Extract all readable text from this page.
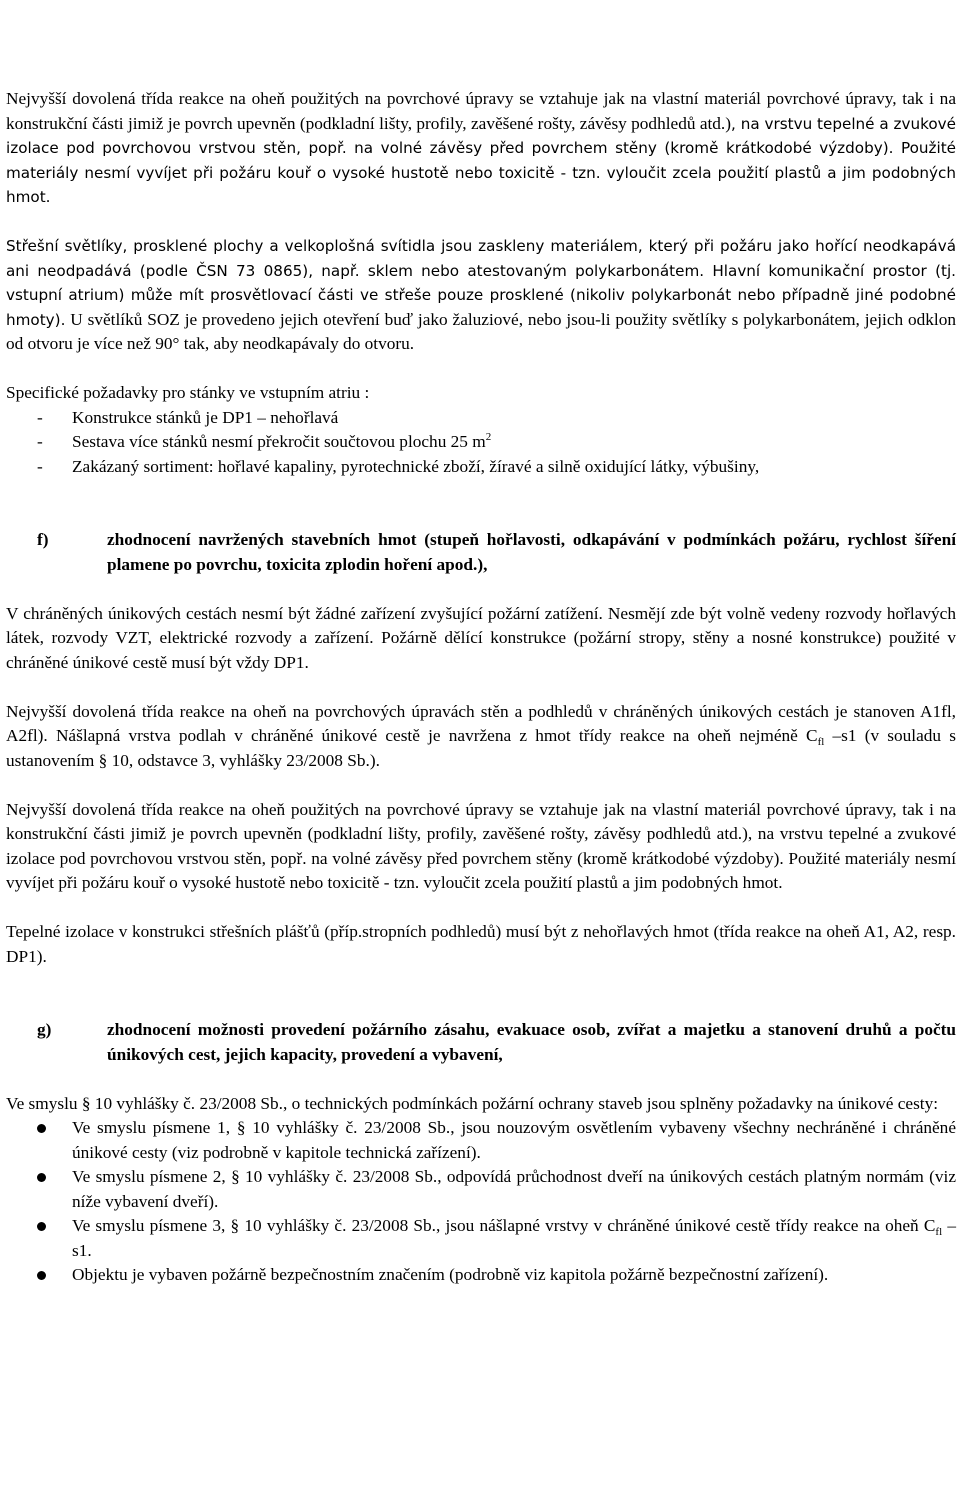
Nejvyšší dovolená třída reakce na oheň použitých na povrchové úpravy se vztahuje jak na vlastní materiál povrchové úpravy, tak i na konstrukční části jimiž je povrch upevněn (podkladní lišty, profily, zavěšené rošty, závěsy podhledů atd.), na vrstvu tepelné a zvukové izolace pod povrchovou vrstvou stěn, popř. na volné závěsy před povrchem stěny (kromě krátkodobé výzdoby). Použité materiály nesmí vyvíjet při požáru kouř o vysoké hustotě nebo toxicitě - tzn. vyloučit zcela použití plastů a jim podobných hmot.

Střešní světlíky, prosklené plochy a velkoplošná svítidla jsou zaskleny materiálem, který při požáru jako hořící neodkapává ani neodpadává (podle ČSN 73 0865), např. sklem nebo atestovaným polykarbonátem. Hlavní komunikační prostor (tj. vstupní atrium) může mít prosvětlovací části ve střeše pouze prosklené (nikoliv polykarbonát nebo případně jiné podobné hmoty). U světlíků SOZ je provedeno jejich otevření buď jako žaluziové, nebo jsou-li použity světlíky s polykarbonátem, jejich odklon od otvoru je více než 90° tak, aby neodkapávaly do otvoru.

Specifické požadavky pro stánky ve vstupním atriu :

- Konstrukce stánků je DP1 – nehořlavá
- Sestava více stánků nesmí překročit součtovou plochu 25 $m^2$
- Zakázaný sortiment: hořlavé kapaliny, pyrotechnické zboží, žíravé a silně oxidující látky, výbušiny,

f)	zhodnocení navržených stavebních hmot (stupeň hořlavosti, odkapávání v podmínkách požáru, rychlost šíření plamene po povrchu, toxicita zplodin hoření apod.),

V chráněných únikových cestách nesmí být žádné zařízení zvyšující požární zatížení. Nesmějí zde být volně vedeny rozvody hořlavých látek, rozvody VZT, elektrické rozvody a zařízení. Požárně dělící konstrukce (požární stropy, stěny a nosné konstrukce) použité v chráněné únikové cestě musí být vždy DP1.

Nejvyšší dovolená třída reakce na oheň na povrchových úpravách stěn a podhledů v chráněných únikových cestách je stanoven A1fl, A2fl). Nášlapná vrstva podlah v chráněné únikové cestě je navržena z hmot třídy reakce na oheň nejméně $C_{fl}$ –s1 (v souladu s ustanovením § 10, odstavce 3, vyhlášky 23/2008 Sb.).

Nejvyšší dovolená třída reakce na oheň použitých na povrchové úpravy se vztahuje jak na vlastní materiál povrchové úpravy, tak i na konstrukční části jimiž je povrch upevněn (podkladní lišty, profily, zavěšené rošty, závěsy podhledů atd.), na vrstvu tepelné a zvukové izolace pod povrchovou vrstvou stěn, popř. na volné závěsy před povrchem stěny (kromě krátkodobé výzdoby). Použité materiály nesmí vyvíjet při požáru kouř o vysoké hustotě nebo toxicitě - tzn. vyloučit zcela použití plastů a jim podobných hmot.

Tepelné izolace v konstrukci střešních plášťů (příp.stropních podhledů) musí být z nehořlavých hmot (třída reakce na oheň A1, A2, resp. DP1).

g)	zhodnocení možnosti provedení požárního zásahu, evakuace osob, zvířat a majetku a stanovení druhů a počtu únikových cest, jejich kapacity, provedení a vybavení,

Ve smyslu § 10 vyhlášky č. 23/2008 Sb., o technických podmínkách požární ochrany staveb jsou splněny požadavky na únikové cesty:

Ve smyslu písmene 1, § 10 vyhlášky č. 23/2008 Sb., jsou nouzovým osvětlením vybaveny všechny nechráněné i chráněné únikové cesty (viz podrobně v kapitole technická zařízení).
Ve smyslu písmene 2, § 10 vyhlášky č. 23/2008 Sb., odpovídá průchodnost dveří na únikových cestách platným normám (viz níže vybavení dveří).
Ve smyslu písmene 3, § 10 vyhlášky č. 23/2008 Sb., jsou nášlapné vrstvy v chráněné únikové cestě třídy reakce na oheň $C_{fl} - s1$.
Objektu je vybaven požárně bezpečnostním značením (podrobně viz kapitola požárně bezpečnostní zařízení).
